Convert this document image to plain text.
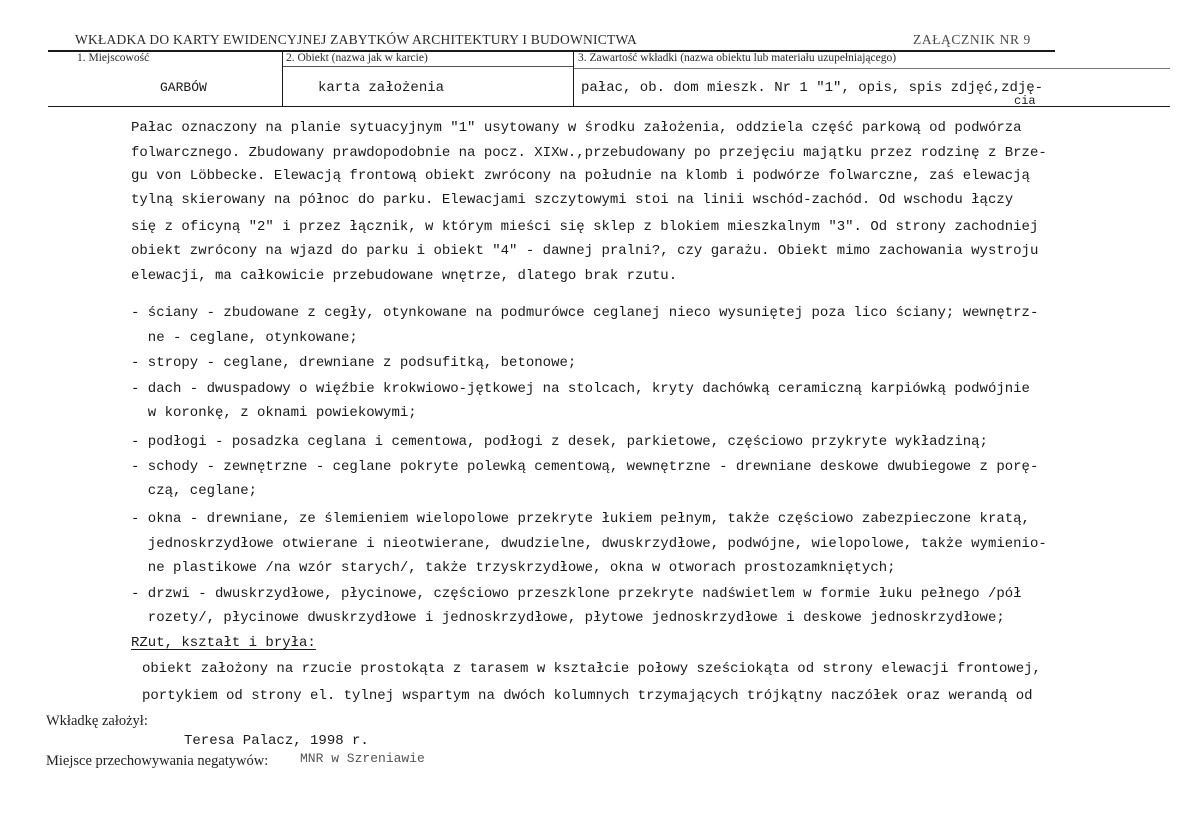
WKŁADKA DO KARTY EWIDENCYJNEJ ZABYTKÓW ARCHITEKTURY I BUDOWNICTWA	ZAŁĄCZNIK NR 9
1. Miejscowość	2. Obiekt (nazwa jak w karcie)	3. Zawartość wkładki (nazwa obiektu lub materiału uzupełniającego)
GARBÓW	karta założenia	pałac, ob. dom mieszk. Nr 1 "1", opis, spis zdjęć,zdję-
cia
Pałac oznaczony na planie sytuacyjnym "1" usytowany w środku założenia, oddziela część parkową od podwórza
folwarcznego. Zbudowany prawdopodobnie na pocz. XIXw.,przebudowany po przejęciu majątku przez rodzinę z Brze-
gu von Löbbecke. Elewacją frontową obiekt zwrócony na południe na klomb i podwórze folwarczne, zaś elewacją
tylną skierowany na północ do parku. Elewacjami szczytowymi stoi na linii wschód-zachód. Od wschodu łączy
się z oficyną "2" i przez łącznik, w którym mieści się sklep z blokiem mieszkalnym "3". Od strony zachodniej
obiekt zwrócony na wjazd do parku i obiekt "4" - dawnej pralni?, czy garażu. Obiekt mimo zachowania wystroju
elewacji, ma całkowicie przebudowane wnętrze, dlatego brak rzutu.
- ściany - zbudowane z cegły, otynkowane na podmurówce ceglanej nieco wysuniętej poza lico ściany; wewnętrz-
ne - ceglane, otynkowane;
- stropy - ceglane, drewniane z podsufitką, betonowe;
- dach - dwuspadowy o więźbie krokwiowo-jętkowej na stolcach, kryty dachówką ceramiczną karpiówką podwójnie
w koronkę, z oknami powiekowymi;
- podłogi - posadzka ceglana i cementowa, podłogi z desek, parkietowe, częściowo przykryte wykładziną;
- schody - zewnętrzne - ceglane pokryte polewką cementową, wewnętrzne - drewniane deskowe dwubiegowe z porę-
czą, ceglane;
- okna - drewniane, ze ślemieniem wielopolowe przekryte łukiem pełnym, także częściowo zabezpieczone kratą,
jednoskrzydłowe otwierane i nieotwierane, dwudzielne, dwuskrzydłowe, podwójne, wielopolowe, także wymienio-
ne plastikowe /na wzór starych/, także trzyskrzydłowe, okna w otworach prostozamkniętych;
- drzwi - dwuskrzydłowe, płycinowe, częściowo przeszklone przekryte nadświetlem w formie łuku pełnego /pół
rozety/, płycinowe dwuskrzydłowe i jednoskrzydłowe, płytowe jednoskrzydłowe i deskowe jednoskrzydłowe;
RZut, kształt i bryła:
obiekt założony na rzucie prostokąta z tarasem w kształcie połowy sześciokąta od strony elewacji frontowej,
portykiem od strony el. tylnej wspartym na dwóch kolumnych trzymających trójkątny naczółek oraz werandą od
Wkładkę założył:
Teresa Palacz, 1998 r.
Miejsce przechowywania negatywów: MNR w Szreniawie
